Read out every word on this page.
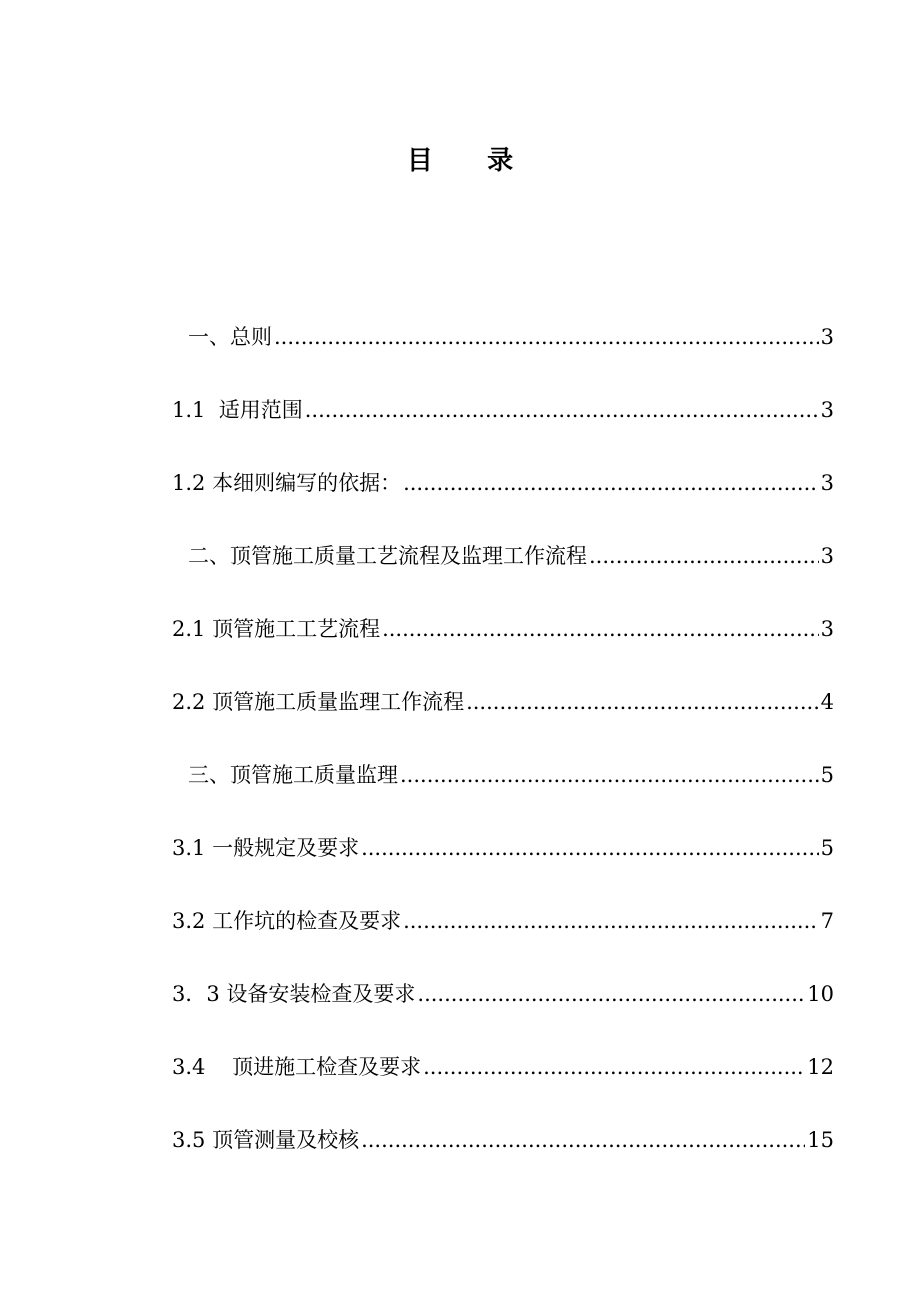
目      录
一、总则 .....	3
1.1  适用范围 .....	3
1.2 本细则编写的依据： .....	3
二、顶管施工质量工艺流程及监理工作流程 .....	3
2.1 顶管施工工艺流程 .....	3
2.2 顶管施工质量监理工作流程 .....	4
三、顶管施工质量监理 .....	5
3.1 一般规定及要求 .....	5
3.2 工作坑的检查及要求 .....	7
3．3 设备安装检查及要求 .....	10
3.4    顶进施工检查及要求 .....	12
3.5 顶管测量及校核 .....	15
